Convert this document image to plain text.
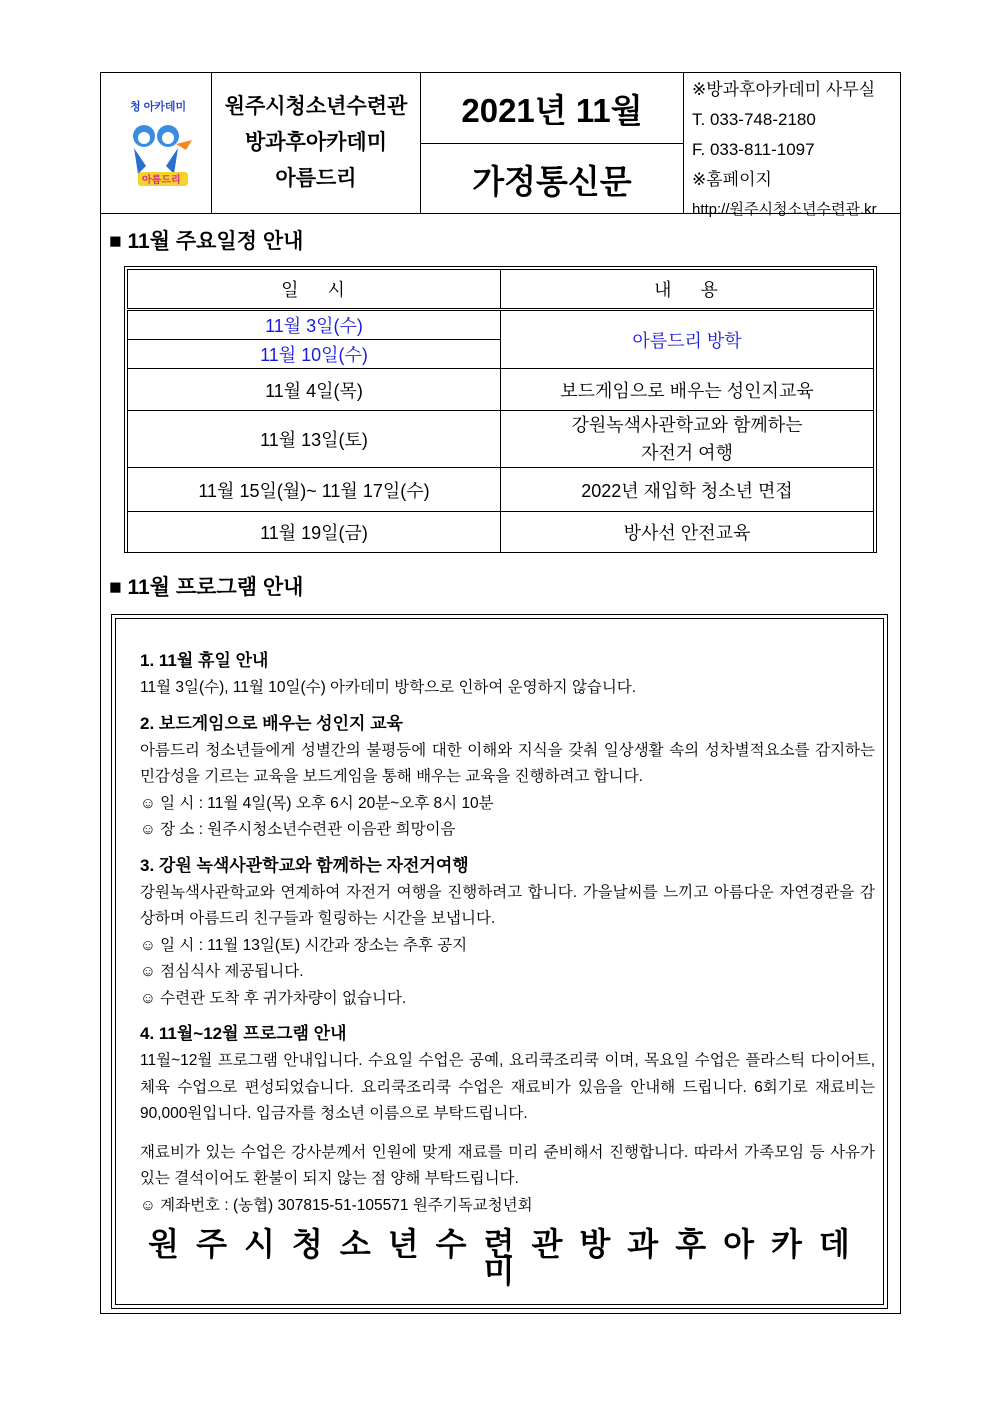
청 아카데미
아름드리
원주시청소년수련관
방과후아카데미
아름드리
2021년 11월
가정통신문
※방과후아카데미 사무실
T. 033-748-2180
F. 033-811-1097
※홈페이지
http://원주시청소년수련관.kr
■ 11월 주요일정 안내
일　 시	내　 용
11월 3일(수)	아름드리 방학
11월 10일(수)	
11월 4일(목)	보드게임으로 배우는 성인지교육
11월 13일(토)	강원녹색사관학교와 함께하는
자전거 여행

11월 15일(월)~ 11월 17일(수)	2022년 재입학 청소년 면접
11월 19일(금)	방사선 안전교육
■ 11월 프로그램 안내
1. 11월 휴일 안내

11월 3일(수), 11월 10일(수) 아카데미 방학으로 인하여 운영하지 않습니다.

2. 보드게임으로 배우는 성인지 교육

아름드리 청소년들에게 성별간의 불평등에 대한 이해와 지식을 갖춰 일상생활 속의 성차별적요소를 감지하는 민감성을 기르는 교육을 보드게임을 통해 배우는 교육을 진행하려고 합니다.

☺ 일 시 : 11월 4일(목) 오후 6시 20분~오후 8시 10분

☺ 장 소 : 원주시청소년수련관 이음관 희망이음

3. 강원 녹색사관학교와 함께하는 자전거여행

강원녹색사관학교와 연계하여 자전거 여행을 진행하려고 합니다. 가을날씨를 느끼고 아름다운 자연경관을 감상하며 아름드리 친구들과 힐링하는 시간을 보냅니다.

☺ 일 시 : 11월 13일(토) 시간과 장소는 추후 공지

☺ 점심식사 제공됩니다.

☺ 수련관 도착 후 귀가차량이 없습니다.

4. 11월~12월 프로그램 안내

11월~12월 프로그램 안내입니다. 수요일 수업은 공예, 요리쿡조리쿡 이며, 목요일 수업은 플라스틱 다이어트, 체육 수업으로 편성되었습니다. 요리쿡조리쿡 수업은 재료비가 있음을 안내해 드립니다. 6회기로 재료비는 90,000원입니다. 입금자를 청소년 이름으로 부탁드립니다.

재료비가 있는 수업은 강사분께서 인원에 맞게 재료를 미리 준비해서 진행합니다. 따라서 가족모임 등 사유가 있는 결석이어도 환불이 되지 않는 점 양해 부탁드립니다.

☺ 계좌번호 : (농협) 307815-51-105571 원주기독교청년회

원주시청소년수련관방과후아카데미
